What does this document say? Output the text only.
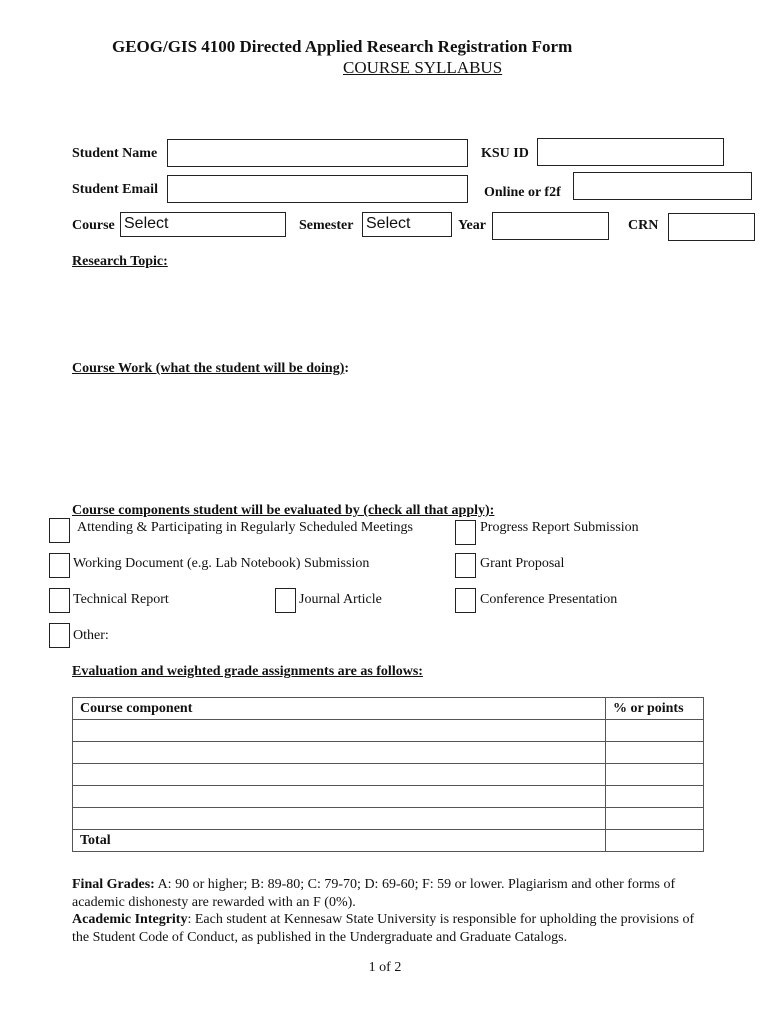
GEOG/GIS 4100 Directed Applied Research Registration Form
COURSE SYLLABUS
Student Name	KSU ID
Student Email	Online or f2f
Course Select	Semester Select	Year	CRN
Research Topic:
Course Work (what the student will be doing):
Course components student will be evaluated by (check all that apply):
Attending & Participating in Regularly Scheduled Meetings	Progress Report Submission
Working Document (e.g. Lab Notebook) Submission	Grant Proposal
Technical Report	Journal Article	Conference Presentation
Other:
Evaluation and weighted grade assignments are as follows:
Course component	% or points

Total	
Final Grades: A: 90 or higher; B: 89-80; C: 79-70; D: 69-60; F: 59 or lower. Plagiarism and other forms of academic dishonesty are rewarded with an F (0%).
Academic Integrity: Each student at Kennesaw State University is responsible for upholding the provisions of the Student Code of Conduct, as published in the Undergraduate and Graduate Catalogs.
1 of 2
